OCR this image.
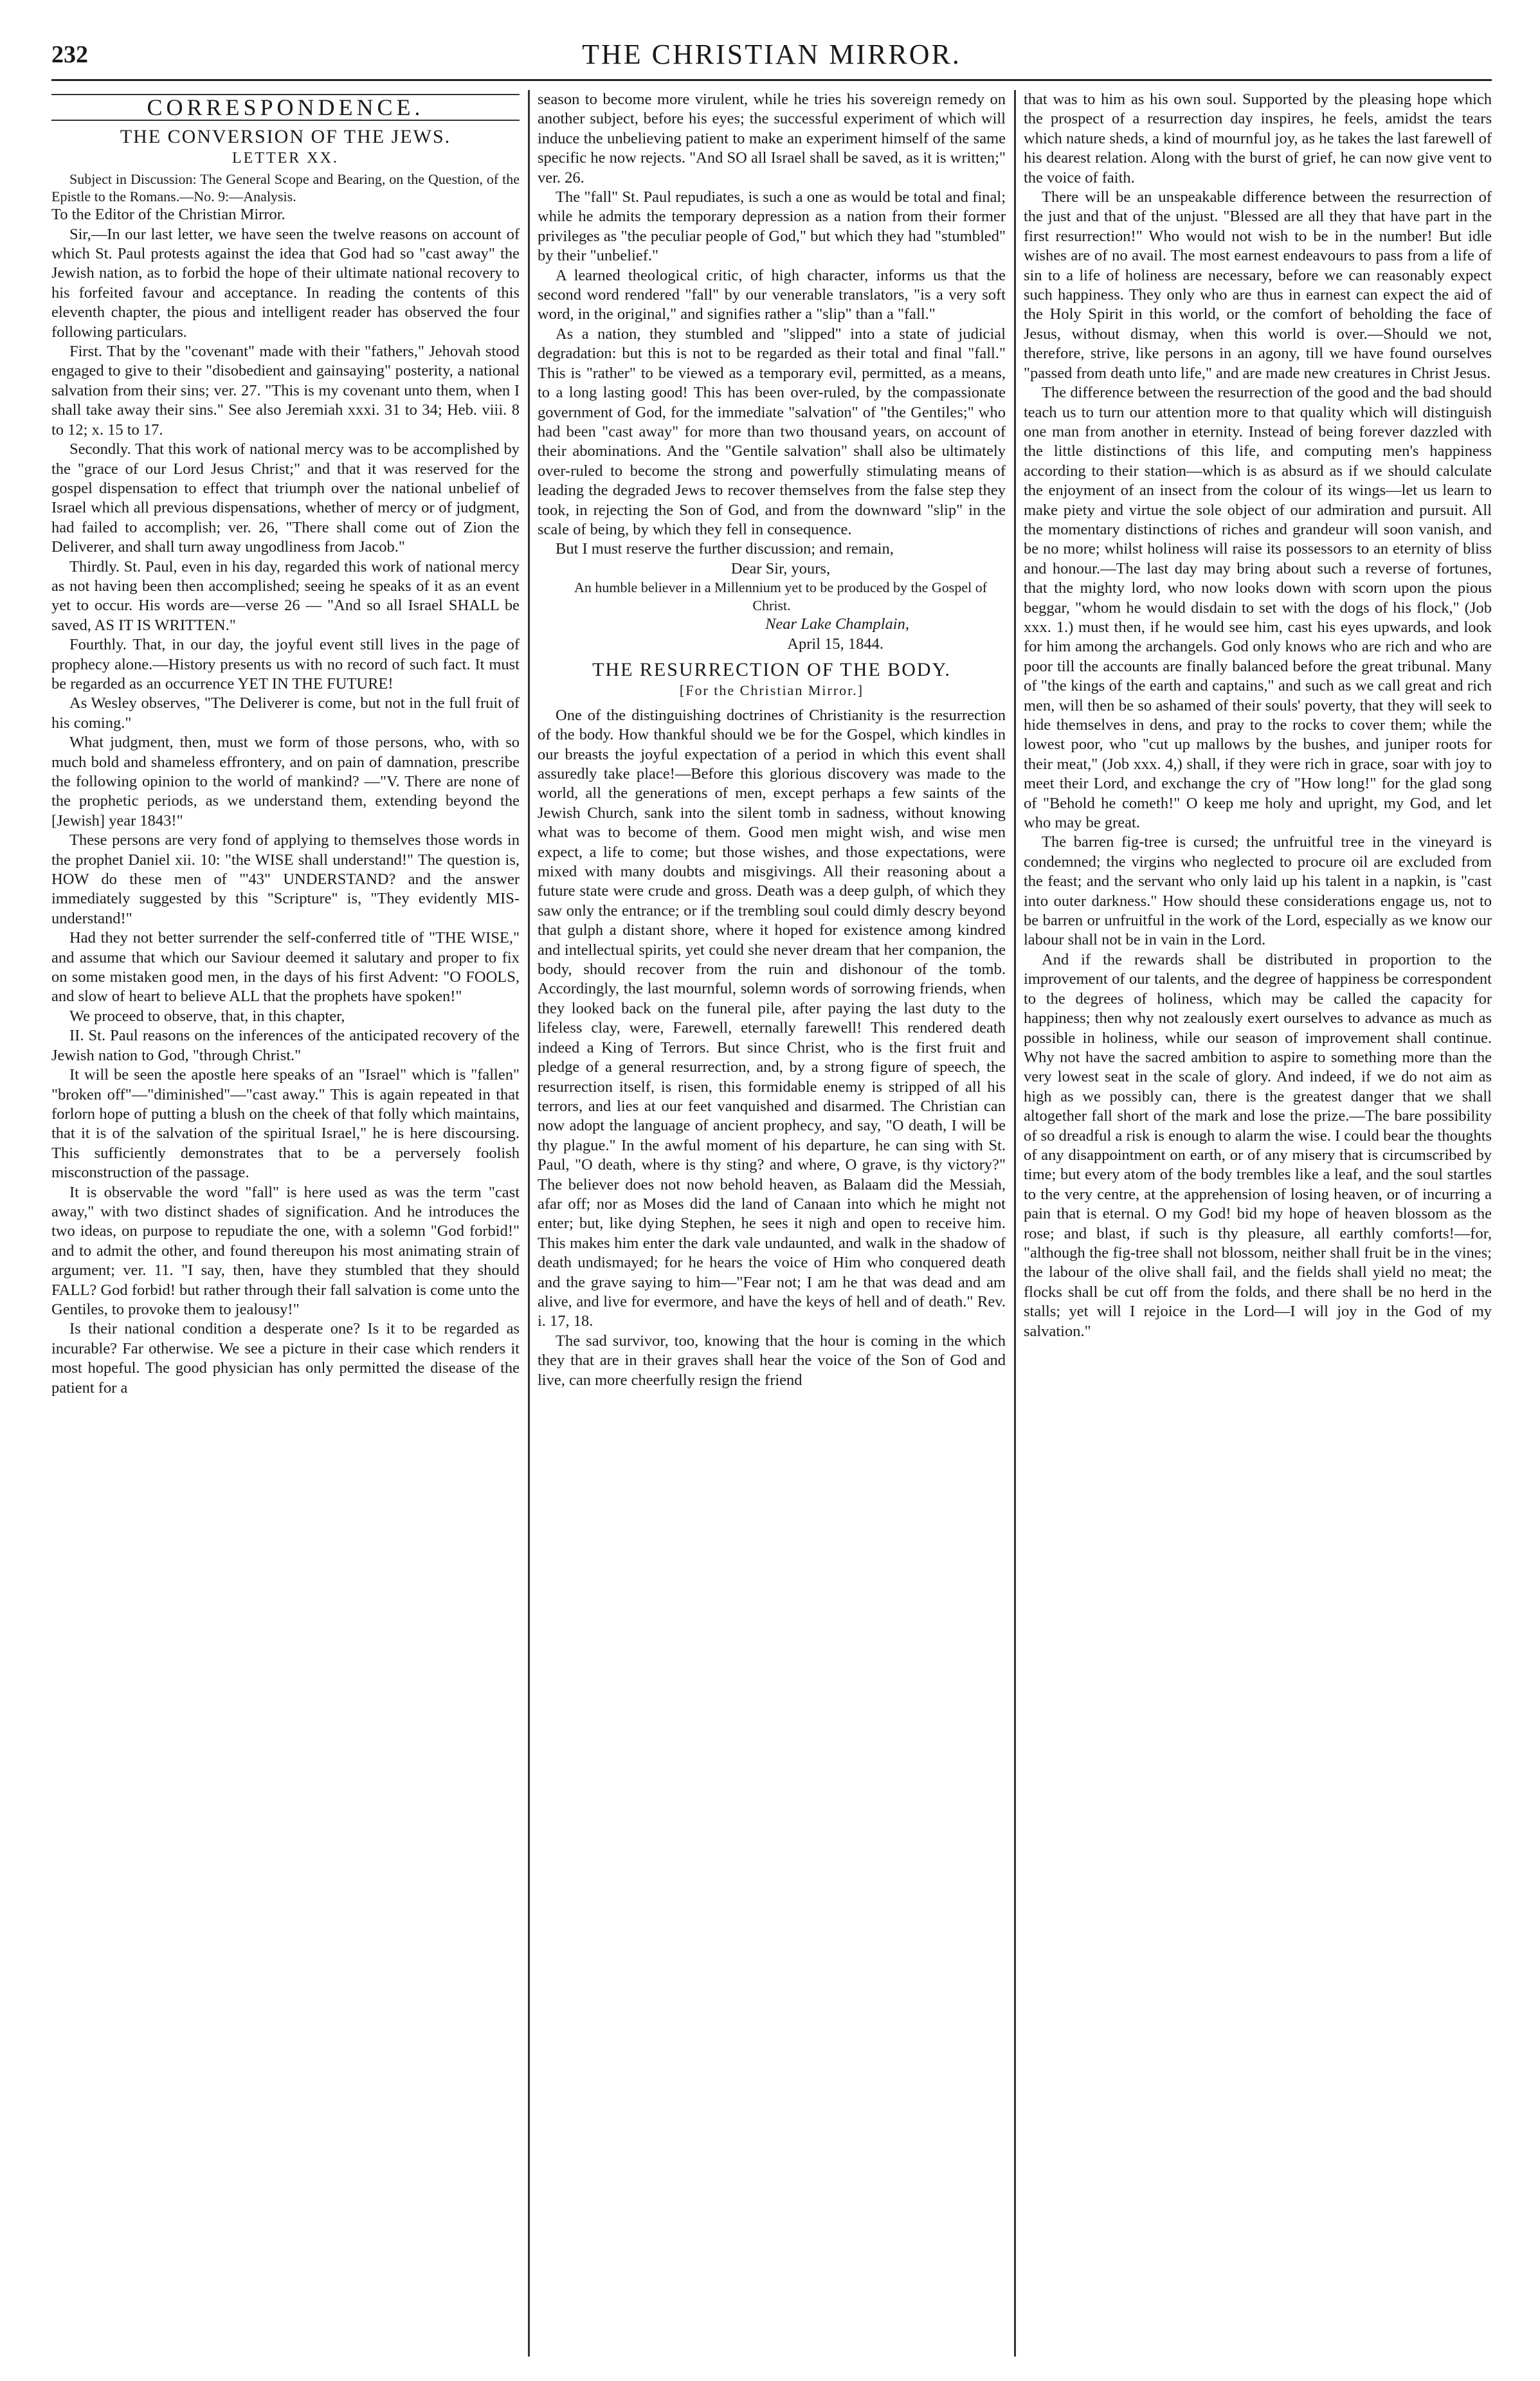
232	THE CHRISTIAN MIRROR.
CORRESPONDENCE.
THE CONVERSION OF THE JEWS.
LETTER XX.

Subject in Discussion: The General Scope and Bearing, on the Question, of the Epistle to the Romans.—No. 9:—Analysis.

To the Editor of the Christian Mirror.

Sir,—In our last letter, we have seen the twelve reasons on account of which St. Paul protests against the idea that God had so "cast away" the Jewish nation, as to forbid the hope of their ultimate national recovery to his forfeited favour and acceptance. In reading the contents of this eleventh chapter, the pious and intelligent reader has observed the four following particulars.

First. That by the "covenant" made with their "fathers," Jehovah stood engaged to give to their "disobedient and gainsaying" posterity, a national salvation from their sins; ver. 27. "This is my covenant unto them, when I shall take away their sins." See also Jeremiah xxxi. 31 to 34; Heb. viii. 8 to 12; x. 15 to 17.

Secondly. That this work of national mercy was to be accomplished by the "grace of our Lord Jesus Christ;" and that it was reserved for the gospel dispensation to effect that triumph over the national unbelief of Israel which all previous dispensations, whether of mercy or of judgment, had failed to accomplish; ver. 26, "There shall come out of Zion the Deliverer, and shall turn away ungodliness from Jacob."

Thirdly. St. Paul, even in his day, regarded this work of national mercy as not having been then accomplished; seeing he speaks of it as an event yet to occur. His words are—verse 26 — "And so all Israel SHALL be saved, AS IT IS WRITTEN."

Fourthly. That, in our day, the joyful event still lives in the page of prophecy alone.—History presents us with no record of such fact. It must be regarded as an occurrence YET IN THE FUTURE!

As Wesley observes, "The Deliverer is come, but not in the full fruit of his coming."

What judgment, then, must we form of those persons, who, with so much bold and shameless effrontery, and on pain of damnation, prescribe the following opinion to the world of mankind? —"V. There are none of the prophetic periods, as we understand them, extending beyond the [Jewish] year 1843!"

These persons are very fond of applying to themselves those words in the prophet Daniel xii. 10: "the WISE shall understand!" The question is, HOW do these men of "'43" UNDERSTAND? and the answer immediately suggested by this "Scripture" is, "They evidently MIS-understand!"

Had they not better surrender the self-conferred title of "THE WISE," and assume that which our Saviour deemed it salutary and proper to fix on some mistaken good men, in the days of his first Advent: "O FOOLS, and slow of heart to believe ALL that the prophets have spoken!"

We proceed to observe, that, in this chapter,

II. St. Paul reasons on the inferences of the anticipated recovery of the Jewish nation to God, "through Christ."

It will be seen the apostle here speaks of an "Israel" which is "fallen" "broken off"—"diminished"—"cast away." This is again repeated in that forlorn hope of putting a blush on the cheek of that folly which maintains, that it is of the salvation of the spiritual Israel," he is here discoursing. This sufficiently demonstrates that to be a perversely foolish misconstruction of the passage.

It is observable the word "fall" is here used as was the term "cast away," with two distinct shades of signification. And he introduces the two ideas, on purpose to repudiate the one, with a solemn "God forbid!" and to admit the other, and found thereupon his most animating strain of argument; ver. 11. "I say, then, have they stumbled that they should FALL? God forbid! but rather through their fall salvation is come unto the Gentiles, to provoke them to jealousy!"

Is their national condition a desperate one? Is it to be regarded as incurable? Far otherwise. We see a picture in their case which renders it most hopeful. The good physician has only permitted the disease of the patient for a

season to become more virulent, while he tries his sovereign remedy on another subject, before his eyes; the successful experiment of which will induce the unbelieving patient to make an experiment himself of the same specific he now rejects. "And SO all Israel shall be saved, as it is written;" ver. 26.

The "fall" St. Paul repudiates, is such a one as would be total and final; while he admits the temporary depression as a nation from their former privileges as "the peculiar people of God," but which they had "stumbled" by their "unbelief."

A learned theological critic, of high character, informs us that the second word rendered "fall" by our venerable translators, "is a very soft word, in the original," and signifies rather a "slip" than a "fall."

As a nation, they stumbled and "slipped" into a state of judicial degradation: but this is not to be regarded as their total and final "fall." This is "rather" to be viewed as a temporary evil, permitted, as a means, to a long lasting good! This has been over-ruled, by the compassionate government of God, for the immediate "salvation" of "the Gentiles;" who had been "cast away" for more than two thousand years, on account of their abominations. And the "Gentile salvation" shall also be ultimately over-ruled to become the strong and powerfully stimulating means of leading the degraded Jews to recover themselves from the false step they took, in rejecting the Son of God, and from the downward "slip" in the scale of being, by which they fell in consequence.

But I must reserve the further discussion; and remain,

Dear Sir, yours,

An humble believer in a Millennium yet to be produced by the Gospel of Christ.

Near Lake Champlain,

April 15, 1844.

THE RESURRECTION OF THE BODY.
[For the Christian Mirror.]

One of the distinguishing doctrines of Christianity is the resurrection of the body. How thankful should we be for the Gospel, which kindles in our breasts the joyful expectation of a period in which this event shall assuredly take place!—Before this glorious discovery was made to the world, all the generations of men, except perhaps a few saints of the Jewish Church, sank into the silent tomb in sadness, without knowing what was to become of them. Good men might wish, and wise men expect, a life to come; but those wishes, and those expectations, were mixed with many doubts and misgivings. All their reasoning about a future state were crude and gross. Death was a deep gulph, of which they saw only the entrance; or if the trembling soul could dimly descry beyond that gulph a distant shore, where it hoped for existence among kindred and intellectual spirits, yet could she never dream that her companion, the body, should recover from the ruin and dishonour of the tomb. Accordingly, the last mournful, solemn words of sorrowing friends, when they looked back on the funeral pile, after paying the last duty to the lifeless clay, were, Farewell, eternally farewell! This rendered death indeed a King of Terrors. But since Christ, who is the first fruit and pledge of a general resurrection, and, by a strong figure of speech, the resurrection itself, is risen, this formidable enemy is stripped of all his terrors, and lies at our feet vanquished and disarmed. The Christian can now adopt the language of ancient prophecy, and say, "O death, I will be thy plague." In the awful moment of his departure, he can sing with St. Paul, "O death, where is thy sting? and where, O grave, is thy victory?" The believer does not now behold heaven, as Balaam did the Messiah, afar off; nor as Moses did the land of Canaan into which he might not enter; but, like dying Stephen, he sees it nigh and open to receive him. This makes him enter the dark vale undaunted, and walk in the shadow of death undismayed; for he hears the voice of Him who conquered death and the grave saying to him—"Fear not; I am he that was dead and am alive, and live for evermore, and have the keys of hell and of death." Rev. i. 17, 18.

The sad survivor, too, knowing that the hour is coming in the which they that are in their graves shall hear the voice of the Son of God and live, can more cheerfully resign the friend

that was to him as his own soul. Supported by the pleasing hope which the prospect of a resurrection day inspires, he feels, amidst the tears which nature sheds, a kind of mournful joy, as he takes the last farewell of his dearest relation. Along with the burst of grief, he can now give vent to the voice of faith.

There will be an unspeakable difference between the resurrection of the just and that of the unjust. "Blessed are all they that have part in the first resurrection!" Who would not wish to be in the number! But idle wishes are of no avail. The most earnest endeavours to pass from a life of sin to a life of holiness are necessary, before we can reasonably expect such happiness. They only who are thus in earnest can expect the aid of the Holy Spirit in this world, or the comfort of beholding the face of Jesus, without dismay, when this world is over.—Should we not, therefore, strive, like persons in an agony, till we have found ourselves "passed from death unto life," and are made new creatures in Christ Jesus.

The difference between the resurrection of the good and the bad should teach us to turn our attention more to that quality which will distinguish one man from another in eternity. Instead of being forever dazzled with the little distinctions of this life, and computing men's happiness according to their station—which is as absurd as if we should calculate the enjoyment of an insect from the colour of its wings—let us learn to make piety and virtue the sole object of our admiration and pursuit. All the momentary distinctions of riches and grandeur will soon vanish, and be no more; whilst holiness will raise its possessors to an eternity of bliss and honour.—The last day may bring about such a reverse of fortunes, that the mighty lord, who now looks down with scorn upon the pious beggar, "whom he would disdain to set with the dogs of his flock," (Job xxx. 1.) must then, if he would see him, cast his eyes upwards, and look for him among the archangels. God only knows who are rich and who are poor till the accounts are finally balanced before the great tribunal. Many of "the kings of the earth and captains," and such as we call great and rich men, will then be so ashamed of their souls' poverty, that they will seek to hide themselves in dens, and pray to the rocks to cover them; while the lowest poor, who "cut up mallows by the bushes, and juniper roots for their meat," (Job xxx. 4,) shall, if they were rich in grace, soar with joy to meet their Lord, and exchange the cry of "How long!" for the glad song of "Behold he cometh!" O keep me holy and upright, my God, and let who may be great.

The barren fig-tree is cursed; the unfruitful tree in the vineyard is condemned; the virgins who neglected to procure oil are excluded from the feast; and the servant who only laid up his talent in a napkin, is "cast into outer darkness." How should these considerations engage us, not to be barren or unfruitful in the work of the Lord, especially as we know our labour shall not be in vain in the Lord.

And if the rewards shall be distributed in proportion to the improvement of our talents, and the degree of happiness be correspondent to the degrees of holiness, which may be called the capacity for happiness; then why not zealously exert ourselves to advance as much as possible in holiness, while our season of improvement shall continue. Why not have the sacred ambition to aspire to something more than the very lowest seat in the scale of glory. And indeed, if we do not aim as high as we possibly can, there is the greatest danger that we shall altogether fall short of the mark and lose the prize.—The bare possibility of so dreadful a risk is enough to alarm the wise. I could bear the thoughts of any disappointment on earth, or of any misery that is circumscribed by time; but every atom of the body trembles like a leaf, and the soul startles to the very centre, at the apprehension of losing heaven, or of incurring a pain that is eternal. O my God! bid my hope of heaven blossom as the rose; and blast, if such is thy pleasure, all earthly comforts!—for, "although the fig-tree shall not blossom, neither shall fruit be in the vines; the labour of the olive shall fail, and the fields shall yield no meat; the flocks shall be cut off from the folds, and there shall be no herd in the stalls; yet will I rejoice in the Lord—I will joy in the God of my salvation."
